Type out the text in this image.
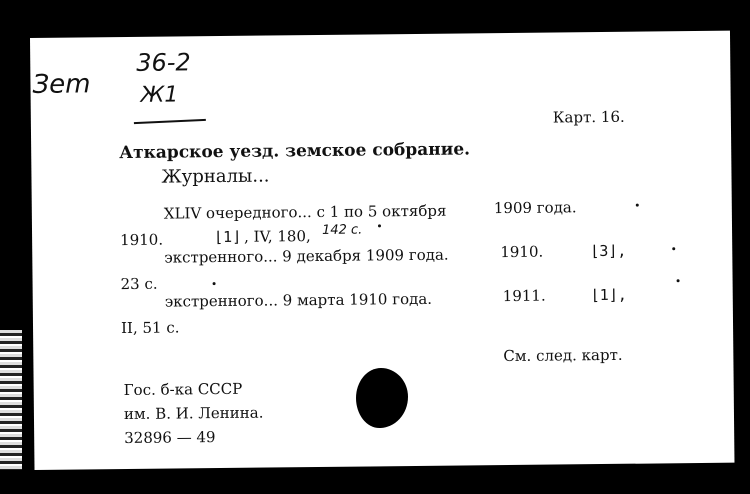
Зem
36-2
Ж1
Карт. 16.
Аткарское уезд. земское собрание.
Журналы...
XLIV очередного... с 1 по 5 октября	1909 года.
1910.	⌊1⌋ , IV, 180, 142 с.
экстренного... 9 декабря 1909 года.	1910.	⌊3⌋,
23 с.
экстренного... 9 марта 1910 года.	1911.	⌊1⌋,
II, 51 с.
См. след. карт.
Гос. б-ка СССР
им. В. И. Ленина.
32896 — 49
